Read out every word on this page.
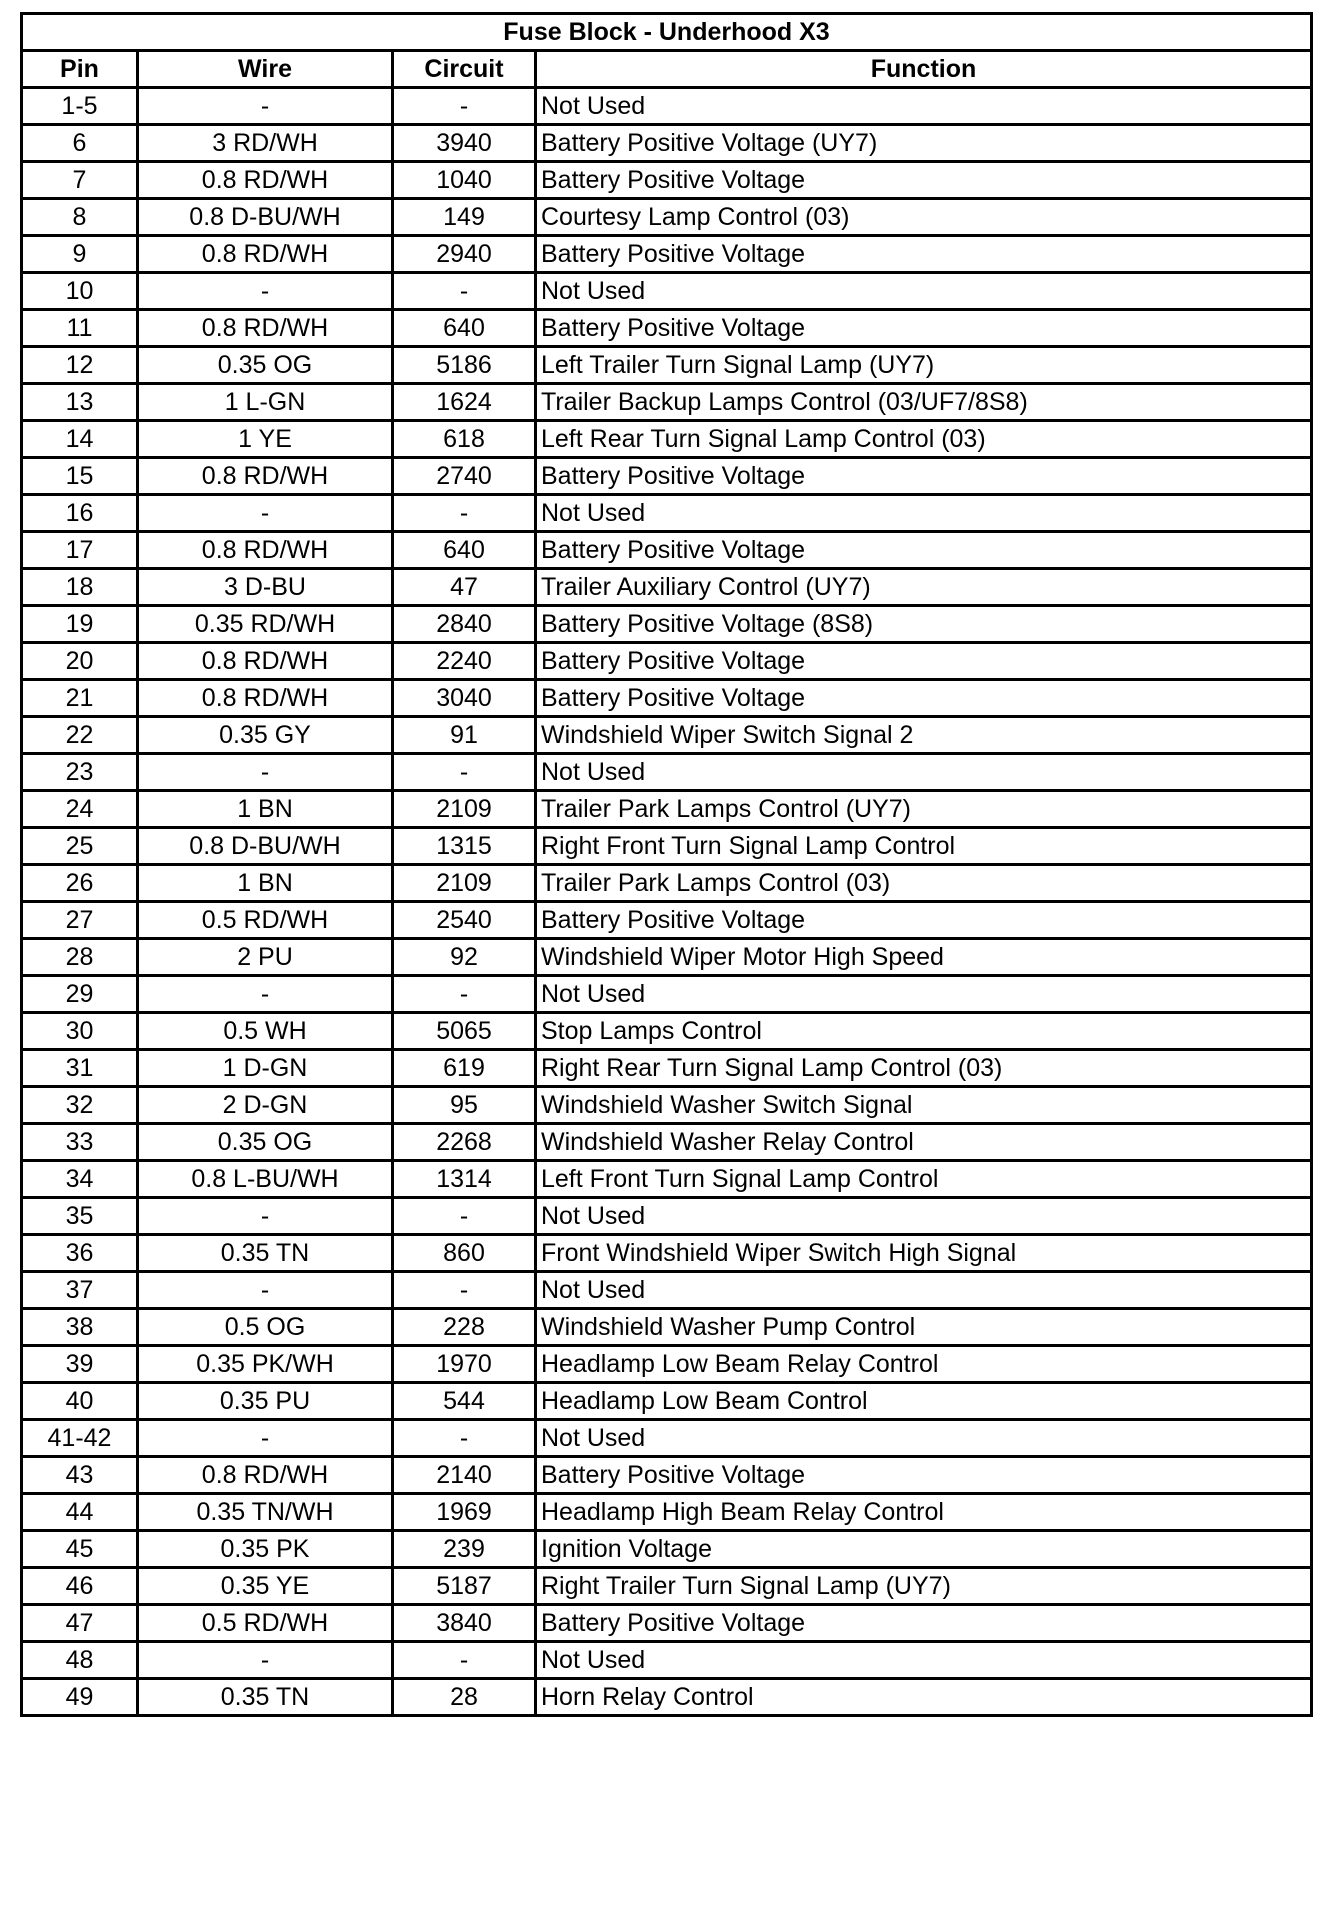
Fuse Block - Underhood X3			
Pin	Wire	Circuit	Function
1-5	-	-	Not Used
6	3 RD/WH	3940	Battery Positive Voltage (UY7)
7	0.8 RD/WH	1040	Battery Positive Voltage
8	0.8 D-BU/WH	149	Courtesy Lamp Control (03)
9	0.8 RD/WH	2940	Battery Positive Voltage
10	-	-	Not Used
11	0.8 RD/WH	640	Battery Positive Voltage
12	0.35 OG	5186	Left Trailer Turn Signal Lamp (UY7)
13	1 L-GN	1624	Trailer Backup Lamps Control (03/UF7/8S8)
14	1 YE	618	Left Rear Turn Signal Lamp Control (03)
15	0.8 RD/WH	2740	Battery Positive Voltage
16	-	-	Not Used
17	0.8 RD/WH	640	Battery Positive Voltage
18	3 D-BU	47	Trailer Auxiliary Control (UY7)
19	0.35 RD/WH	2840	Battery Positive Voltage (8S8)
20	0.8 RD/WH	2240	Battery Positive Voltage
21	0.8 RD/WH	3040	Battery Positive Voltage
22	0.35 GY	91	Windshield Wiper Switch Signal 2
23	-	-	Not Used
24	1 BN	2109	Trailer Park Lamps Control (UY7)
25	0.8 D-BU/WH	1315	Right Front Turn Signal Lamp Control
26	1 BN	2109	Trailer Park Lamps Control (03)
27	0.5 RD/WH	2540	Battery Positive Voltage
28	2 PU	92	Windshield Wiper Motor High Speed
29	-	-	Not Used
30	0.5 WH	5065	Stop Lamps Control
31	1 D-GN	619	Right Rear Turn Signal Lamp Control (03)
32	2 D-GN	95	Windshield Washer Switch Signal
33	0.35 OG	2268	Windshield Washer Relay Control
34	0.8 L-BU/WH	1314	Left Front Turn Signal Lamp Control
35	-	-	Not Used
36	0.35 TN	860	Front Windshield Wiper Switch High Signal
37	-	-	Not Used
38	0.5 OG	228	Windshield Washer Pump Control
39	0.35 PK/WH	1970	Headlamp Low Beam Relay Control
40	0.35 PU	544	Headlamp Low Beam Control
41-42	-	-	Not Used
43	0.8 RD/WH	2140	Battery Positive Voltage
44	0.35 TN/WH	1969	Headlamp High Beam Relay Control
45	0.35 PK	239	Ignition Voltage
46	0.35 YE	5187	Right Trailer Turn Signal Lamp (UY7)
47	0.5 RD/WH	3840	Battery Positive Voltage
48	-	-	Not Used
49	0.35 TN	28	Horn Relay Control
